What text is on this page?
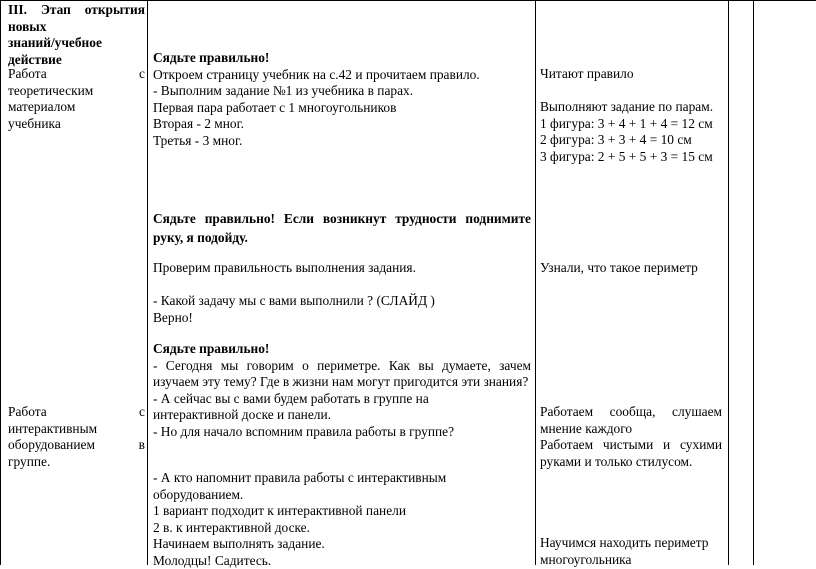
III. Этап открытия
новых
знаний/учебное
действие
Работа с
теоретическим
материалом
учебника
Работа с
интерактивным
оборудованием в
группе.
Сядьте правильно!
Откроем страницу учебник на с.42 и прочитаем правило.
- Выполним задание №1 из учебника в парах.
Первая пара работает с 1 многоугольников
Вторая - 2 мног.
Третья - 3 мног.
Сядьте правильно! Если возникнут трудности поднимите руку, я подойду.
Проверим правильность выполнения задания.
- Какой задачу мы с вами выполнили ? (СЛАЙД )
Верно!
Сядьте правильно!
- Сегодня мы говорим о периметре. Как вы думаете, зачем изучаем эту тему? Где в жизни нам могут пригодится эти знания?
- А сейчас вы с вами будем работать в группе на
интерактивной доске и панели.
- Но для начало вспомним правила работы в группе?
- А кто напомнит правила работы с интерактивным
оборудованием.
1 вариант подходит к интерактивной панели
2 в. к интерактивной доске.
Начинаем выполнять задание.
Молодцы! Садитесь.
Читают правило
Выполняют задание по парам.
1 фигура: 3 + 4 + 1 + 4 = 12 см
2 фигура: 3 + 3 + 4 = 10 см
3 фигура: 2 + 5 + 5 + 3 = 15 см
Узнали, что такое периметр
Работаем сообща, слушаем
мнение каждого
Работаем чистыми и сухими
руками и только стилусом.
Научимся находить периметр
многоугольника
